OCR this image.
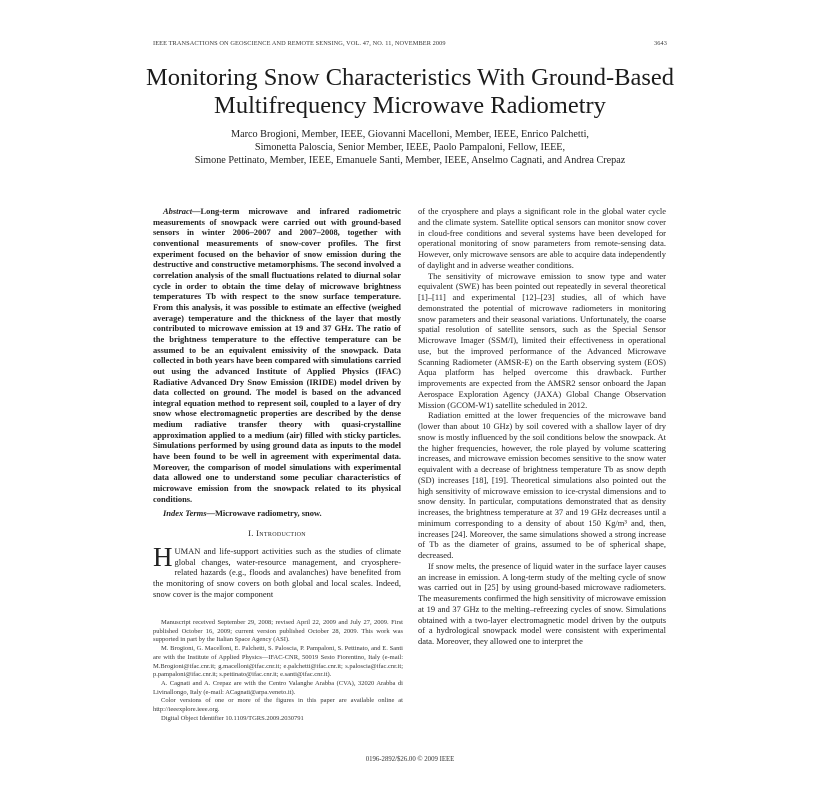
IEEE TRANSACTIONS ON GEOSCIENCE AND REMOTE SENSING, VOL. 47, NO. 11, NOVEMBER 2009	3643
Monitoring Snow Characteristics With Ground-Based
Multifrequency Microwave Radiometry
Marco Brogioni, Member, IEEE, Giovanni Macelloni, Member, IEEE, Enrico Palchetti,
Simonetta Paloscia, Senior Member, IEEE, Paolo Pampaloni, Fellow, IEEE,
Simone Pettinato, Member, IEEE, Emanuele Santi, Member, IEEE, Anselmo Cagnati, and Andrea Crepaz

Abstract—Long-term microwave and infrared radiometric measurements of snowpack were carried out with ground-based sensors in winter 2006–2007 and 2007–2008, together with conventional measurements of snow-cover profiles. The first experiment focused on the behavior of snow emission during the destructive and constructive metamorphisms. The second involved a correlation analysis of the small fluctuations related to diurnal solar cycle in order to obtain the time delay of microwave brightness temperatures Tb with respect to the snow surface temperature. From this analysis, it was possible to estimate an effective (weighed average) temperature and the thickness of the layer that mostly contributed to microwave emission at 19 and 37 GHz. The ratio of the brightness temperature to the effective temperature can be assumed to be an equivalent emissivity of the snowpack. Data collected in both years have been compared with simulations carried out using the advanced Institute of Applied Physics (IFAC) Radiative Advanced Dry Snow Emission (IRIDE) model driven by data collected on ground. The model is based on the advanced integral equation method to represent soil, coupled to a layer of dry snow whose electromagnetic properties are described by the dense medium radiative transfer theory with quasi-crystalline approximation applied to a medium (air) filled with sticky particles. Simulations performed by using ground data as inputs to the model have been found to be well in agreement with experimental data. Moreover, the comparison of model simulations with experimental data allowed one to understand some peculiar characteristics of microwave emission from the snowpack related to its physical conditions.

Index Terms—Microwave radiometry, snow.

I. Introduction

HUMAN and life-support activities such as the studies of climate global changes, water-resource management, and cryosphere-related hazards (e.g., floods and avalanches) have benefited from the monitoring of snow covers on both global and local scales. Indeed, snow cover is the major component

Manuscript received September 29, 2008; revised April 22, 2009 and July 27, 2009. First published October 16, 2009; current version published October 28, 2009. This work was supported in part by the Italian Space Agency (ASI).

M. Brogioni, G. Macelloni, E. Palchetti, S. Paloscia, P. Pampaloni, S. Pettinato, and E. Santi are with the Institute of Applied Physics—IFAC-CNR, 50019 Sesto Fiorentino, Italy (e-mail: M.Brogioni@ifac.cnr.it; g.macelloni@ifac.cnr.it; e.palchetti@ifac.cnr.it; s.paloscia@ifac.cnr.it; p.pampaloni@ifac.cnr.it; s.pettinato@ifac.cnr.it; e.santi@ifac.cnr.it).

A. Cagnati and A. Crepaz are with the Centro Valanghe Arabba (CVA), 32020 Arabba di Livinallongo, Italy (e-mail: ACagnati@arpa.veneto.it).

Color versions of one or more of the figures in this paper are available online at http://ieeexplore.ieee.org.

Digital Object Identifier 10.1109/TGRS.2009.2030791

of the cryosphere and plays a significant role in the global water cycle and the climate system. Satellite optical sensors can monitor snow cover in cloud-free conditions and several systems have been developed for operational monitoring of snow parameters from remote-sensing data. However, only microwave sensors are able to acquire data independently of daylight and in adverse weather conditions.

The sensitivity of microwave emission to snow type and water equivalent (SWE) has been pointed out repeatedly in several theoretical [1]–[11] and experimental [12]–[23] studies, all of which have demonstrated the potential of microwave radiometers in monitoring snow parameters and their seasonal variations. Unfortunately, the coarse spatial resolution of satellite sensors, such as the Special Sensor Microwave Imager (SSM/I), limited their effectiveness in operational use, but the improved performance of the Advanced Microwave Scanning Radiometer (AMSR-E) on the Earth observing system (EOS) Aqua platform has helped overcome this drawback. Further improvements are expected from the AMSR2 sensor onboard the Japan Aerospace Exploration Agency (JAXA) Global Change Observation Mission (GCOM-W1) satellite scheduled in 2012.

Radiation emitted at the lower frequencies of the microwave band (lower than about 10 GHz) by soil covered with a shallow layer of dry snow is mostly influenced by the soil conditions below the snowpack. At the higher frequencies, however, the role played by volume scattering increases, and microwave emission becomes sensitive to the snow water equivalent with a decrease of brightness temperature Tb as snow depth (SD) increases [18], [19]. Theoretical simulations also pointed out the high sensitivity of microwave emission to ice-crystal dimensions and to snow density. In particular, computations demonstrated that as density increases, the brightness temperature at 37 and 19 GHz decreases until a minimum corresponding to a density of about 150 Kg/m³ and, then, increases [24]. Moreover, the same simulations showed a strong increase of Tb as the diameter of grains, assumed to be of spherical shape, decreased.

If snow melts, the presence of liquid water in the surface layer causes an increase in emission. A long-term study of the melting cycle of snow was carried out in [25] by using ground-based microwave radiometers. The measurements confirmed the high sensitivity of microwave emission at 19 and 37 GHz to the melting–refreezing cycles of snow. Simulations obtained with a two-layer electromagnetic model driven by the outputs of a hydrological snowpack model were consistent with experimental data. Moreover, they allowed one to interpret the

0196-2892/$26.00 © 2009 IEEE
